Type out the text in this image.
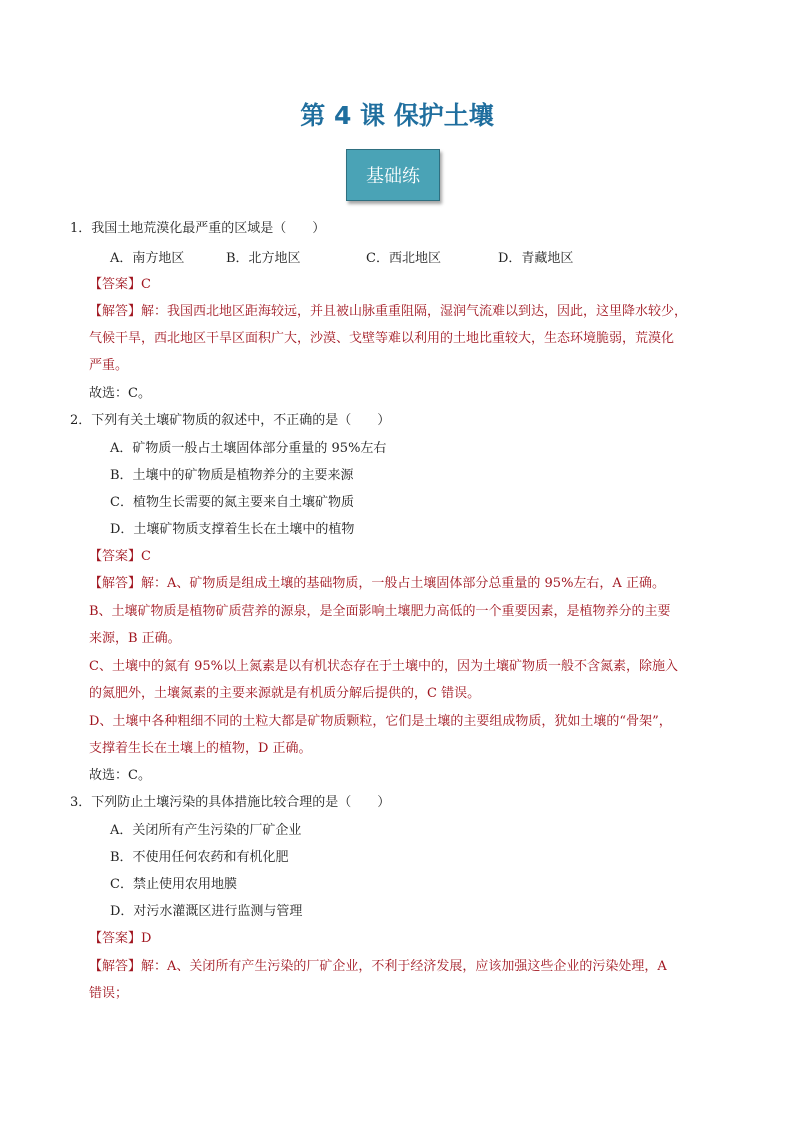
第 4 课 保护土壤
基础练
1．我国土地荒漠化最严重的区域是（　　）
A．南方地区	B．北方地区	C．西北地区	D．青藏地区
【答案】C
【解答】解：我国西北地区距海较远，并且被山脉重重阻隔，湿润气流难以到达，因此，这里降水较少，
气候干旱，西北地区干旱区面积广大，沙漠、戈壁等难以利用的土地比重较大，生态环境脆弱，荒漠化
严重。
故选：C。
2．下列有关土壤矿物质的叙述中，不正确的是（　　）
A．矿物质一般占土壤固体部分重量的 95%左右
B．土壤中的矿物质是植物养分的主要来源
C．植物生长需要的氮主要来自土壤矿物质
D．土壤矿物质支撑着生长在土壤中的植物
【答案】C
【解答】解：A、矿物质是组成土壤的基础物质，一般占土壤固体部分总重量的 95%左右，A 正确。
B、土壤矿物质是植物矿质营养的源泉，是全面影响土壤肥力高低的一个重要因素，是植物养分的主要
来源，B 正确。
C、土壤中的氮有 95%以上氮素是以有机状态存在于土壤中的，因为土壤矿物质一般不含氮素，除施入
的氮肥外，土壤氮素的主要来源就是有机质分解后提供的，C 错误。
D、土壤中各种粗细不同的土粒大都是矿物质颗粒，它们是土壤的主要组成物质，犹如土壤的“骨架”，
支撑着生长在土壤上的植物，D 正确。
故选：C。
3．下列防止土壤污染的具体措施比较合理的是（　　）
A．关闭所有产生污染的厂矿企业
B．不使用任何农药和有机化肥
C．禁止使用农用地膜
D．对污水灌溉区进行监测与管理
【答案】D
【解答】解：A、关闭所有产生污染的厂矿企业，不利于经济发展，应该加强这些企业的污染处理，A
错误；
